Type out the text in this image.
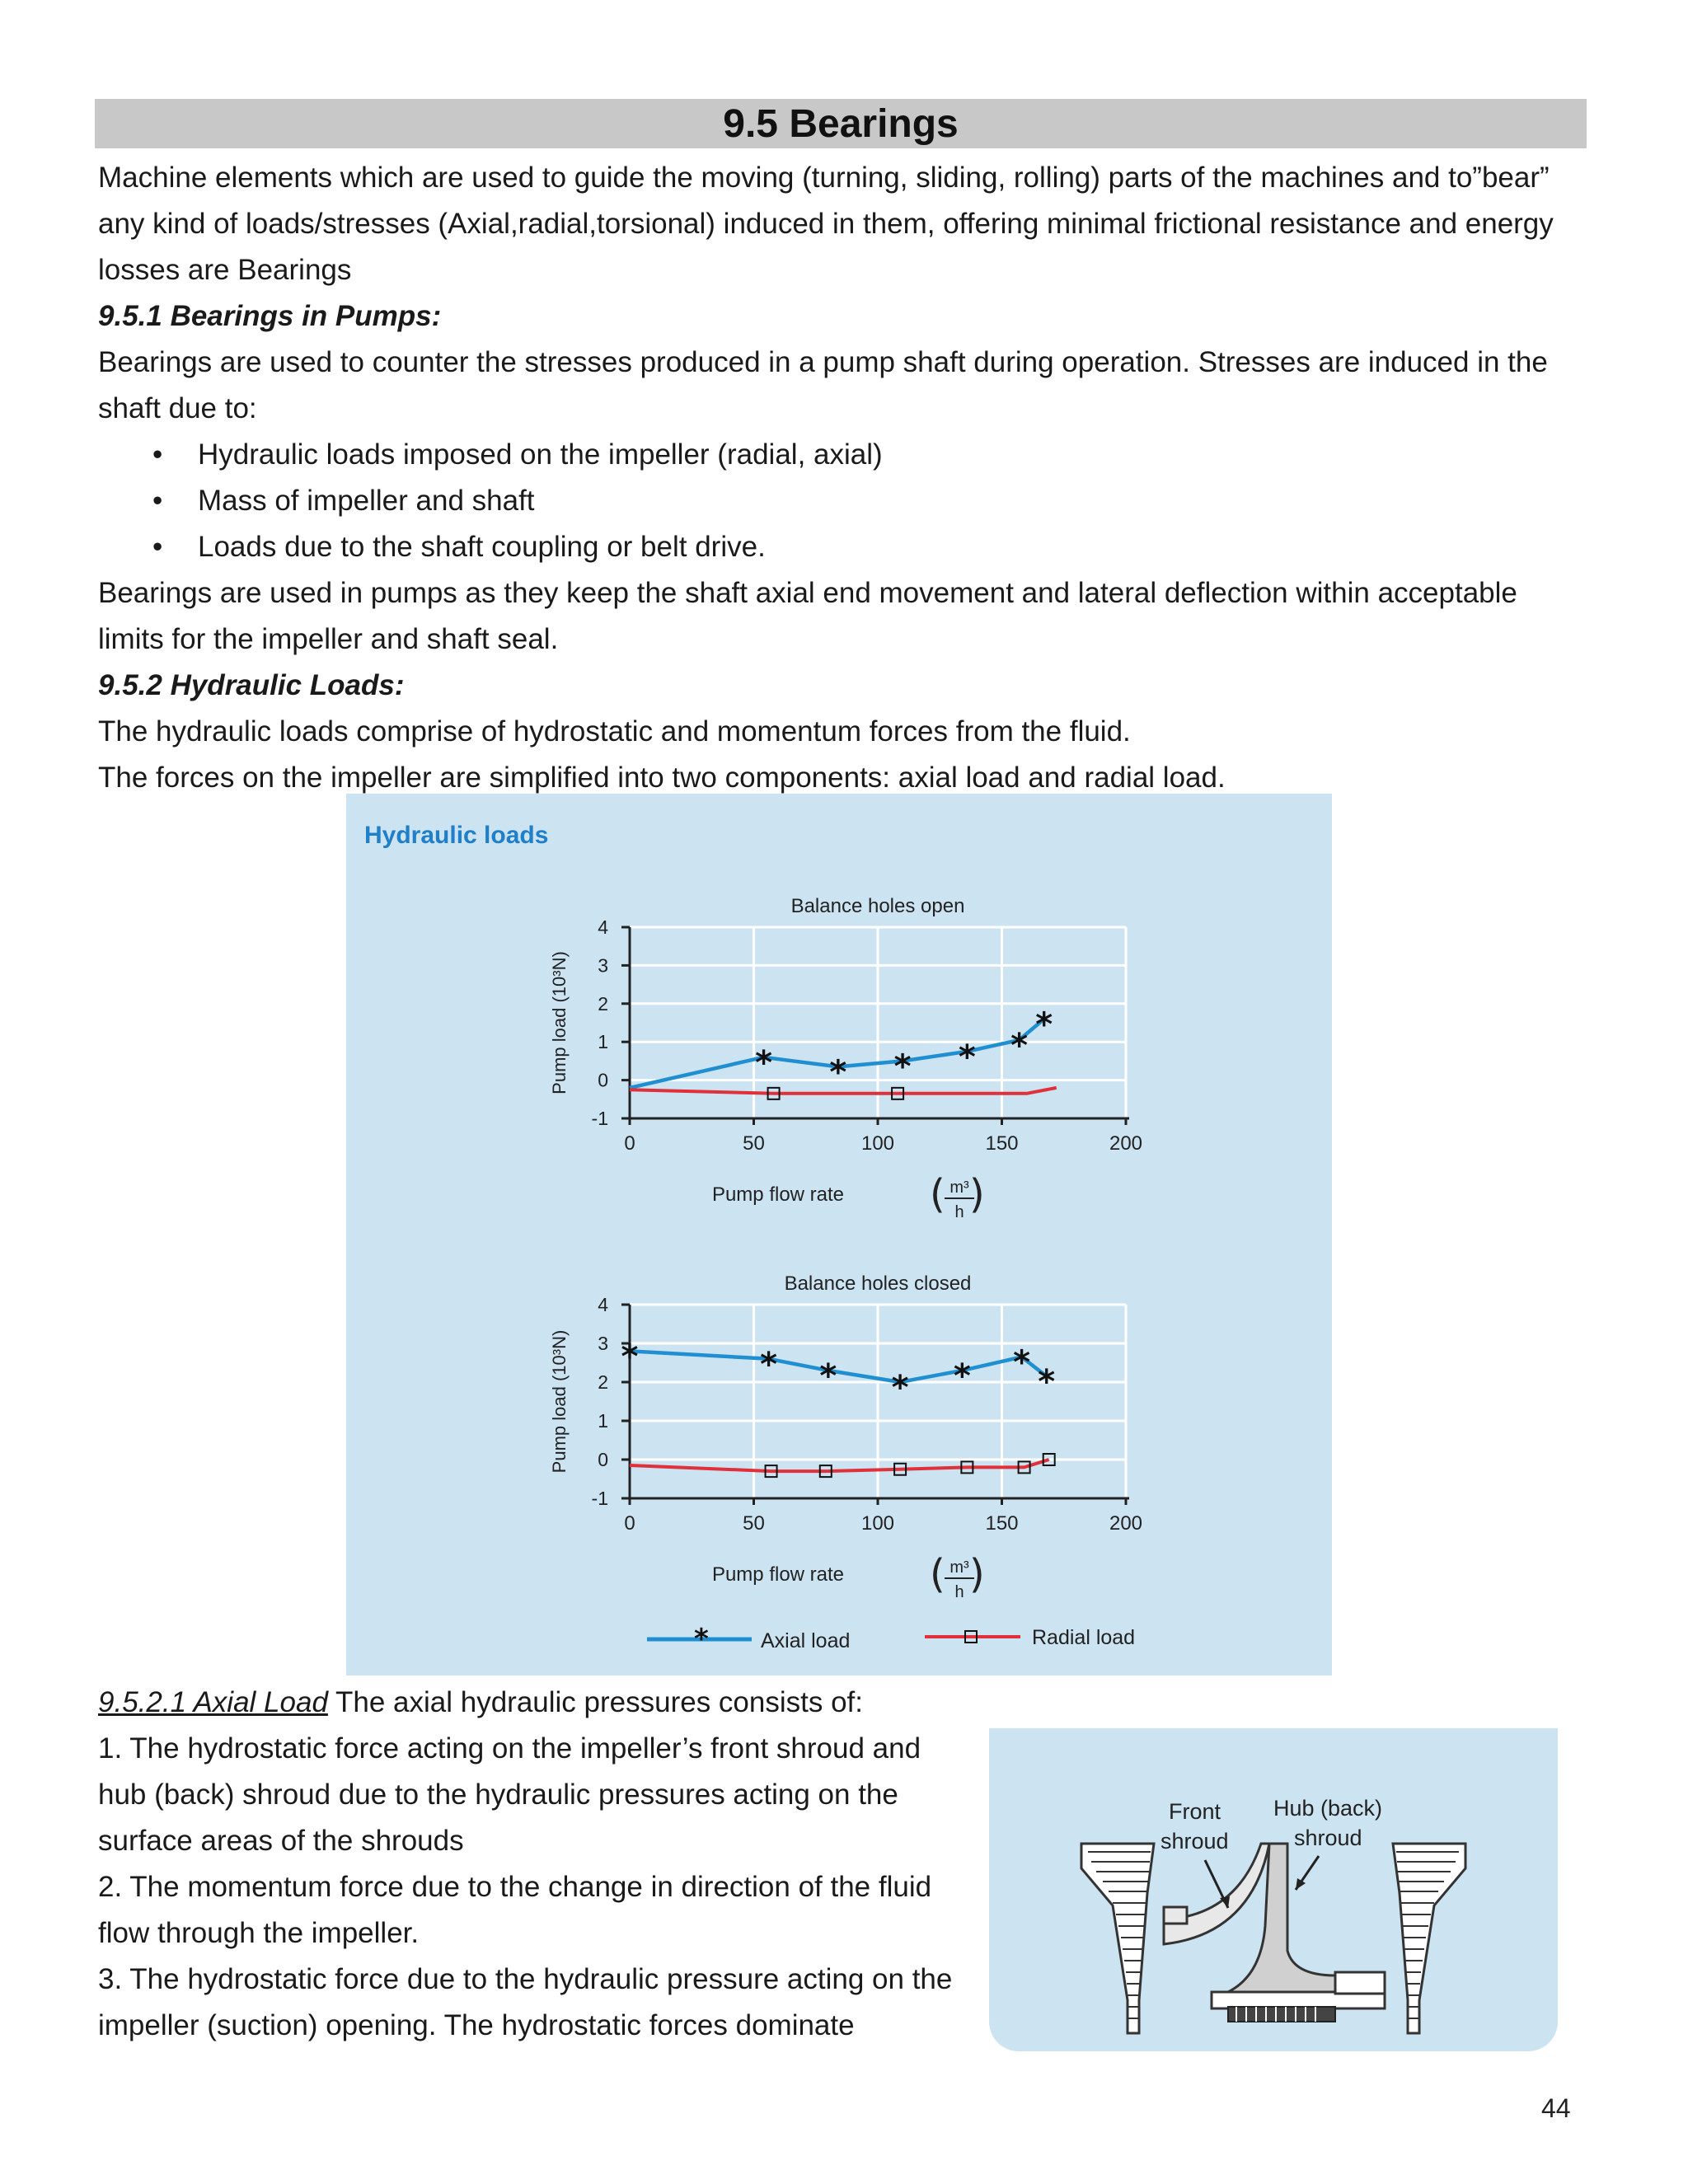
9.5 Bearings

Machine elements which are used to guide the moving (turning, sliding, rolling) parts of the machines and to”bear” any kind of loads/stresses (Axial,radial,torsional) induced in them, offering minimal frictional resistance and energy losses are Bearings

9.5.1 Bearings in Pumps:

Bearings are used to counter the stresses produced in a pump shaft during operation. Stresses are induced in the shaft due to:

• Hydraulic loads imposed on the impeller (radial, axial)
• Mass of impeller and shaft
• Loads due to the shaft coupling or belt drive.

Bearings are used in pumps as they keep the shaft axial end movement and lateral deflection within acceptable limits for the impeller and shaft seal.

9.5.2 Hydraulic Loads:

The hydraulic loads comprise of hydrostatic and momentum forces from the fluid.

The forces on the impeller are simplified into two components: axial load and radial load.

Hydraulic loads
Balance holes open
0	50	100	150	200
-1
0
1
2
3
4
Pump load (10³N)
Pump flow rate ( )
m³
h
* * * * *
*
Balance holes closed
0	50	100	150	200
-1
0
1
2
3
4
Pump load (10³N)
Pump flow rate ( )
m³
h
*	* * * * *
*
*	Axial load	Radial load

9.5.2.1 Axial Load The axial hydraulic pressures consists of:

1. The hydrostatic force acting on the impeller’s front shroud and hub (back) shroud due to the hydraulic pressures acting on the surface areas of the shrouds

2. The momentum force due to the change in direction of the fluid flow through the impeller.

3. The hydrostatic force due to the hydraulic pressure acting on the impeller (suction) opening. The hydrostatic forces dominate

Front
shroud
Hub (back)
shroud
44
